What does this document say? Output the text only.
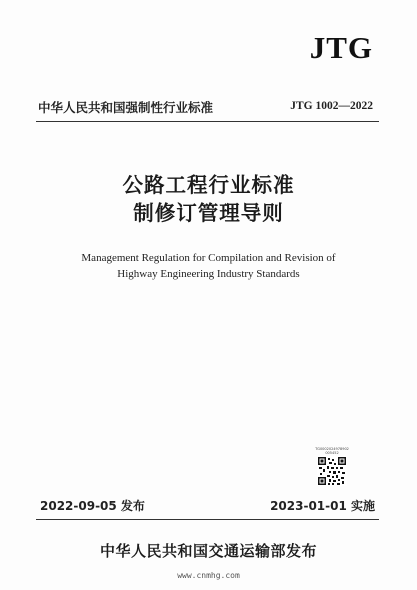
JTG
中华人民共和国强制性行业标准	JTG 1002—2022
公路工程行业标准
制修订管理导则
Management Regulation for Compilation and Revision of
Highway Engineering Industry Standards
TG0002024978902
005452
2022-09-05 发布	2023-01-01 实施
中华人民共和国交通运输部发布
www.cnmhg.com
